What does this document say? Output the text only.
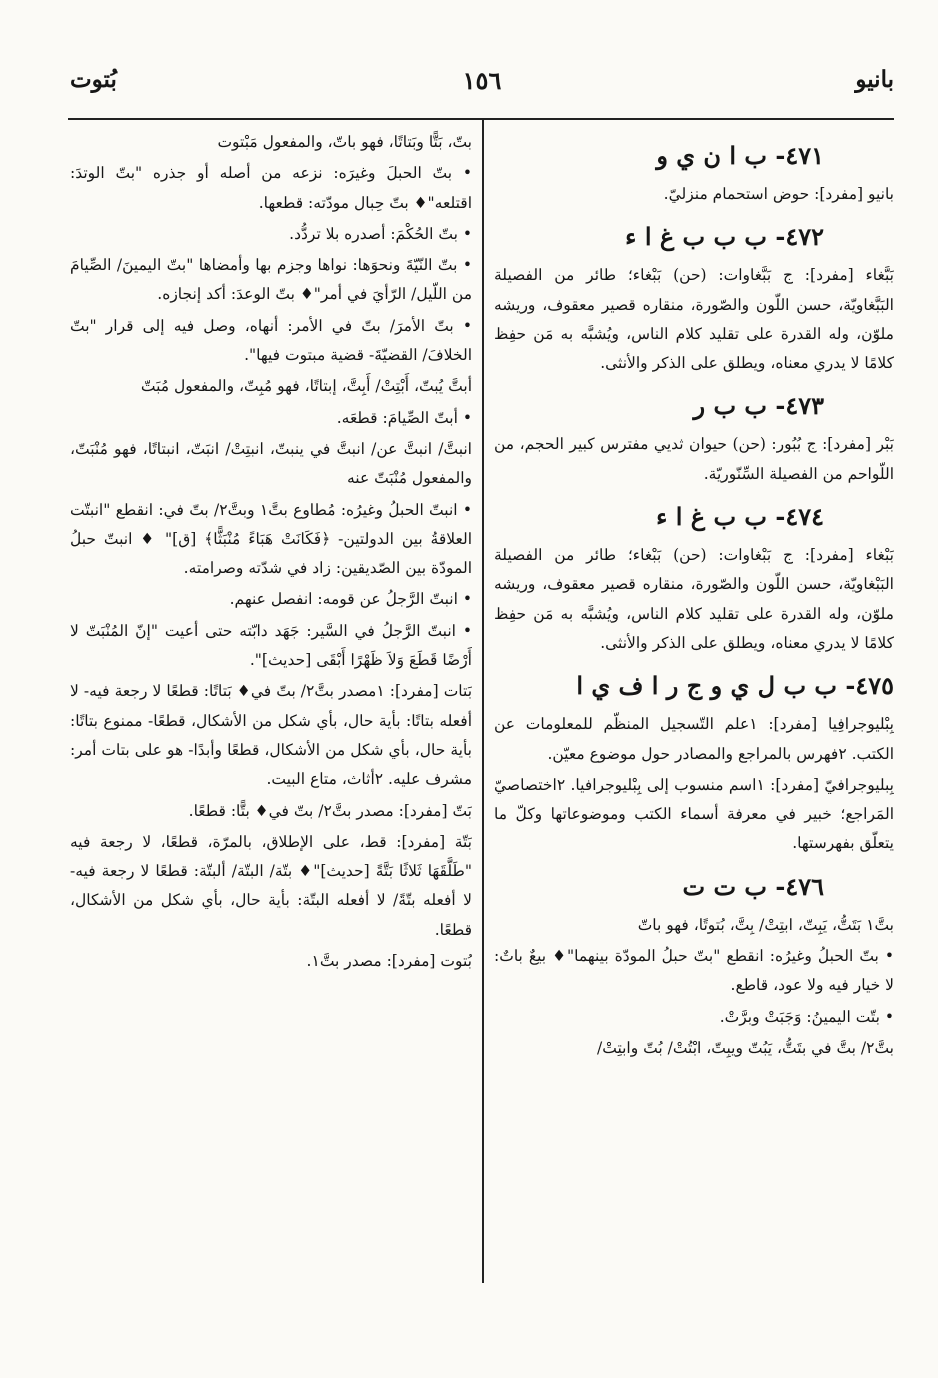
بانيو
١٥٦
بُتوت
٤٧١- ب ا ن ي و

بانيو [مفرد]: حوض استحمام منزليّ.

٤٧٢- ب ب ب غ ا ء

بَبَّغاء [مفرد]: ج بَبَّغاوات: (حن) بَبْغاء؛ طائر من الفصيلة البَبَّغاويّة، حسن اللّون والصّورة، منقاره قصير معقوف، وريشه ملوّن، وله القدرة على تقليد كلام الناس، ويُشبَّه به مَن حفِظ كلامًا لا يدري معناه، ويطلق على الذكر والأنثى.

٤٧٣- ب ب ر

بَبْر [مفرد]: ج بُبُور: (حن) حيوان ثديي مفترس كبير الحجم، من اللّواحم من الفصيلة السِّنّوريّة.

٤٧٤- ب ب غ ا ء

بَبْغاء [مفرد]: ج بَبْغاوات: (حن) بَبْغاء؛ طائر من الفصيلة البَبْغاويّة، حسن اللّون والصّورة، منقاره قصير معقوف، وريشه ملوّن، وله القدرة على تقليد كلام الناس، ويُشبَّه به مَن حفِظ كلامًا لا يدري معناه، ويطلق على الذكر والأنثى.

٤٧٥- ب ب ل ي و ج ر ا ف ي ا

بِبْليوجرافِيا [مفرد]: ١علم التّسجيل المنظّم للمعلومات عن الكتب. ٢فهرس بالمراجع والمصادر حول موضوع معيّن.

بِبليوجرافيّ [مفرد]: ١اسم منسوب إلى بِبْليوجرافيا. ٢اختصاصيّ المَراجع؛ خبير في معرفة أسماء الكتب وموضوعاتها وكلّ ما يتعلّق بفهرستها.

٤٧٦- ب ت ت

بتَّ١ بَتَتُّ، يَبِتّ، ابتِتْ/ بِتَّ، بُتوتًا، فهو باتّ

• بتّ الحبلُ وغيرُه: انقطع "بتّ حبلُ المودّة بينهما"♦ بيعٌ باتٌ: لا خيار فيه ولا عود، قاطع.

• بتّت اليمينُ: وَجَبَتْ وبرَّتْ.

بتَّ٢/ بتَّ في بتَتُّ، يَبُتّ ويبِتّ، ابْتُتْ/ بُتّ وابتِتْ/

بتّ، بَتًّا وبَتاتًا، فهو باتّ، والمفعول مَبْتوت

• بتّ الحبلَ وغيرَه: نزعه من أصله أو جذره "بتّ الوتدَ: اقتلعه"♦ بتّ حِبال مودّته: قطعها.

• بتّ الحُكْمَ: أصدره بلا تردُّد.

• بتّ النّيّةَ ونحوَها: نواها وجزم بها وأمضاها "بتّ اليمينَ/ الصِّيامَ من اللّيل/ الرّأيَ في أمر"♦ بتّ الوعدَ: أكد إنجازه.

• بتّ الأمرَ/ بتّ في الأمر: أنهاه، وصل فيه إلى قرار "بتّ الخلافَ/ القضيّةَ- قضية مبتوت فيها".

أبتَّ يُبتّ، أَبْتِتْ/ أَبِتَّ، إبتاتًا، فهو مُبِتّ، والمفعول مُبَتّ

• أبتّ الصِّيامَ: قطعَه.

انبتَّ/ انبتَّ عن/ انبتَّ في ينبتّ، انبتِتْ/ انبَتّ، انبتاتًا، فهو مُنْبَتّ، والمفعول مُنْبَتّ عنه

• انبتّ الحبلُ وغيرُه: مُطاوع بتَّ١ وبتَّ٢/ بتّ في: انقطع "انبتّت العلاقةُ بين الدولتين- ﴿فَكَانَتْ هَبَاءً مُنْبَثًّا﴾ [ق]" ♦ انبتّ حبلُ المودّة بين الصّديقين: زاد في شدّته وصرامته.

• انبتّ الرَّجلُ عن قومه: انفصل عنهم.

• انبتّ الرَّجلُ في السَّير: جَهَد دابّته حتى أعيت "إنّ المُنْبَتّ لا أَرْضًا قَطَعَ وَلاَ ظَهْرًا أَبْقَى [حديث]".

بَتات [مفرد]: ١مصدر بتَّ٢/ بتّ في♦ بَتاتًا: قطعًا لا رجعة فيه- لا أفعله بتاتًا: بأية حال، بأي شكل من الأشكال، قطعًا- ممنوع بتاتًا: بأية حال، بأي شكل من الأشكال، قطعًا وأبدًا- هو على بتات أمر: مشرف عليه. ٢أثاث، متاع البيت.

بَتّ [مفرد]: مصدر بتَّ٢/ بتّ في♦ بتًّا: قطعًا.

بَتّة [مفرد]: قط، على الإطلاق، بالمرّة، قطعًا، لا رجعة فيه "طَلَّقَهَا ثَلاثًا بَتَّةً [حديث]"♦ بتّة/ البتّة/ ألبتّة: قطعًا لا رجعة فيه- لا أفعله بتّةً/ لا أفعله البتّة: بأية حال، بأي شكل من الأشكال، قطعًا.

بُتوت [مفرد]: مصدر بتَّ١.
